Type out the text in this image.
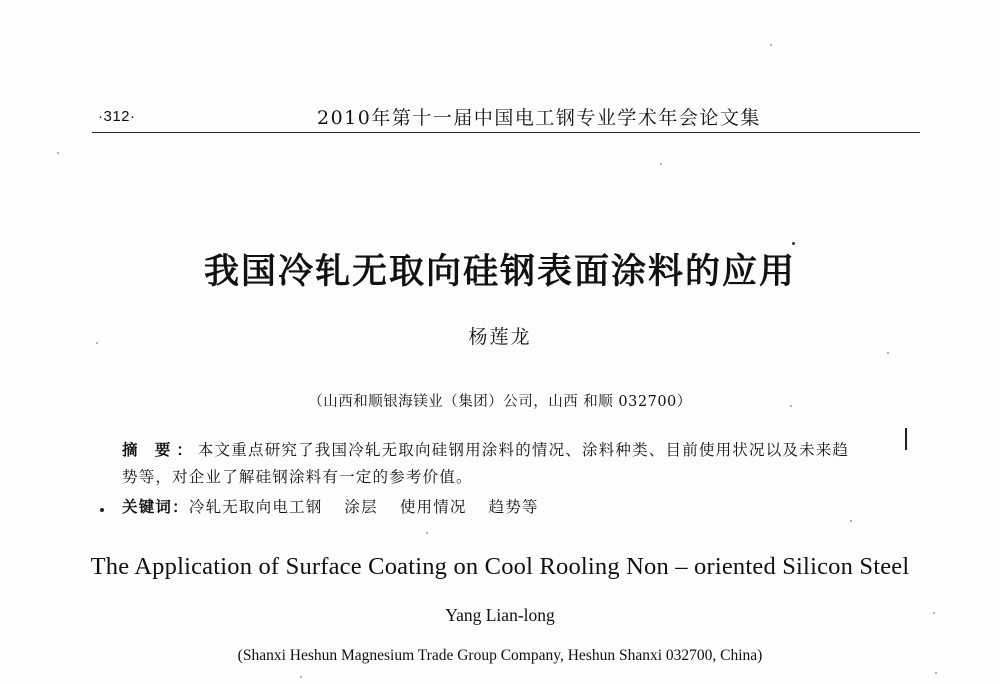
·312·	2010年第十一届中国电工钢专业学术年会论文集
我国冷轧无取向硅钢表面涂料的应用
杨莲龙
（山西和顺银海镁业（集团）公司，山西 和顺 032700）
摘 要：本文重点研究了我国冷轧无取向硅钢用涂料的情况、涂料种类、目前使用状况以及未来趋
势等，对企业了解硅钢涂料有一定的参考价值。
关键词：冷轧无取向电工钢 涂层 使用情况 趋势等
The Application of Surface Coating on Cool Rooling Non – oriented Silicon Steel
Yang Lian-long
(Shanxi Heshun Magnesium Trade Group Company, Heshun Shanxi 032700, China)
